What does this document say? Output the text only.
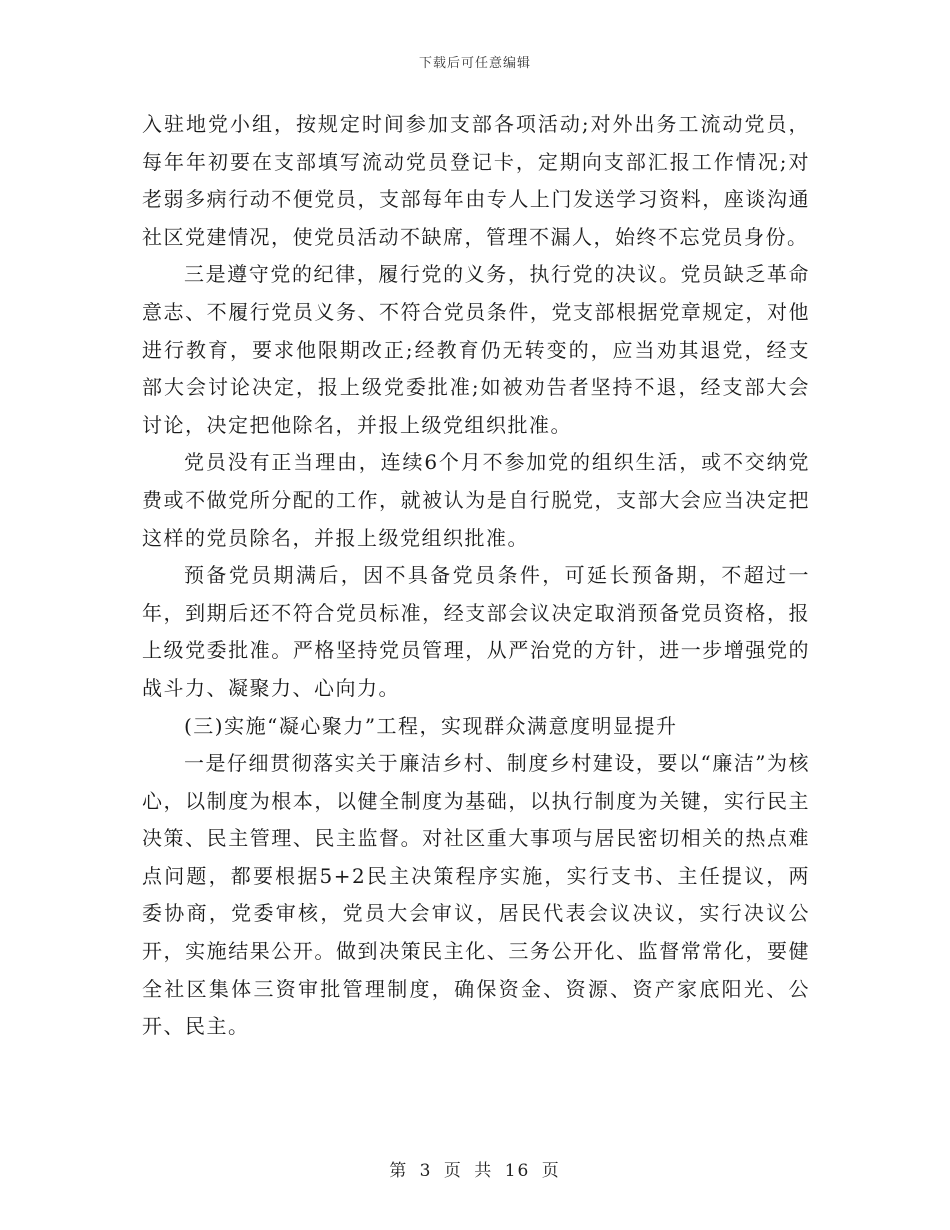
下载后可任意编辑

入驻地党小组，按规定时间参加支部各项活动;对外出务工流动党员，每年年初要在支部填写流动党员登记卡，定期向支部汇报工作情况;对老弱多病行动不便党员，支部每年由专人上门发送学习资料，座谈沟通社区党建情况，使党员活动不缺席，管理不漏人，始终不忘党员身份。

三是遵守党的纪律，履行党的义务，执行党的决议。党员缺乏革命意志、不履行党员义务、不符合党员条件，党支部根据党章规定，对他进行教育，要求他限期改正;经教育仍无转变的，应当劝其退党，经支部大会讨论决定，报上级党委批准;如被劝告者坚持不退，经支部大会讨论，决定把他除名，并报上级党组织批准。

党员没有正当理由，连续6个月不参加党的组织生活，或不交纳党费或不做党所分配的工作，就被认为是自行脱党，支部大会应当决定把这样的党员除名，并报上级党组织批准。

预备党员期满后，因不具备党员条件，可延长预备期，不超过一年，到期后还不符合党员标准，经支部会议决定取消预备党员资格，报上级党委批准。严格坚持党员管理，从严治党的方针，进一步增强党的战斗力、凝聚力、心向力。

(三)实施“凝心聚力”工程，实现群众满意度明显提升

一是仔细贯彻落实关于廉洁乡村、制度乡村建设，要以“廉洁”为核心，以制度为根本，以健全制度为基础，以执行制度为关键，实行民主决策、民主管理、民主监督。对社区重大事项与居民密切相关的热点难点问题，都要根据5+2民主决策程序实施，实行支书、主任提议，两委协商，党委审核，党员大会审议，居民代表会议决议，实行决议公开，实施结果公开。做到决策民主化、三务公开化、监督常常化，要健全社区集体三资审批管理制度，确保资金、资源、资产家底阳光、公开、民主。

第 3 页 共 16 页
